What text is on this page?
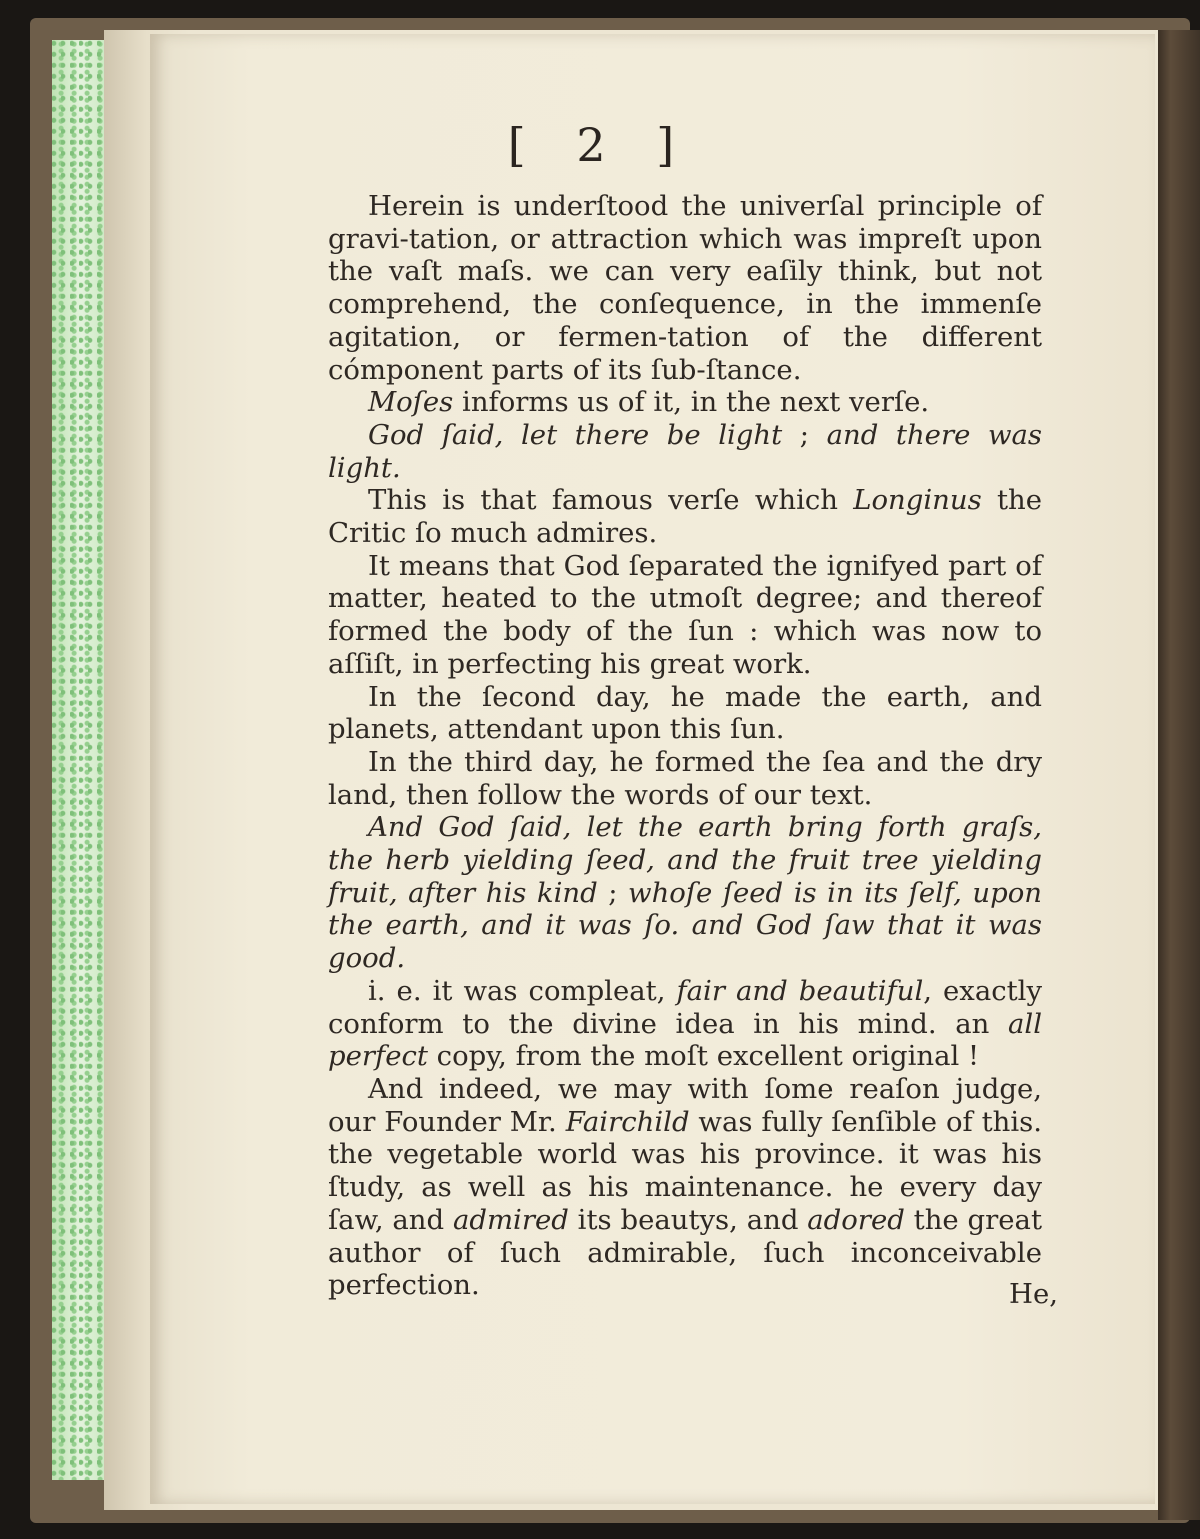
[ 2 ]

Herein is underſtood the univerſal principle of gravi-tation, or attraction which was impreſt upon the vaſt maſs. we can very eaſily think, but not comprehend, the conſequence, in the immenſe agitation, or fermen-tation of the different cómponent parts of its ſub-ſtance.

Moſes informs us of it, in the next verſe.

God ſaid, let there be light ; and there was light.

This is that famous verſe which Longinus the Critic ſo much admires.

It means that God ſeparated the ignifyed part of matter, heated to the utmoſt degree; and thereof formed the body of the ſun : which was now to aſſiſt, in perfecting his great work.

In the ſecond day, he made the earth, and planets, attendant upon this ſun.

In the third day, he formed the ſea and the dry land, then follow the words of our text.

And God ſaid, let the earth bring forth graſs, the herb yielding ſeed, and the fruit tree yielding fruit, after his kind ; whoſe ſeed is in its ſelf, upon the earth, and it was ſo. and God ſaw that it was good.

i. e. it was compleat, fair and beautiful, exactly conform to the divine idea in his mind. an all perfect copy, from the moſt excellent original !

And indeed, we may with ſome reaſon judge, our Founder Mr. Fairchild was fully ſenſible of this. the vegetable world was his province. it was his ſtudy, as well as his maintenance. he every day ſaw, and admired its beautys, and adored the great author of ſuch admirable, ſuch inconceivable perfection.	He,
